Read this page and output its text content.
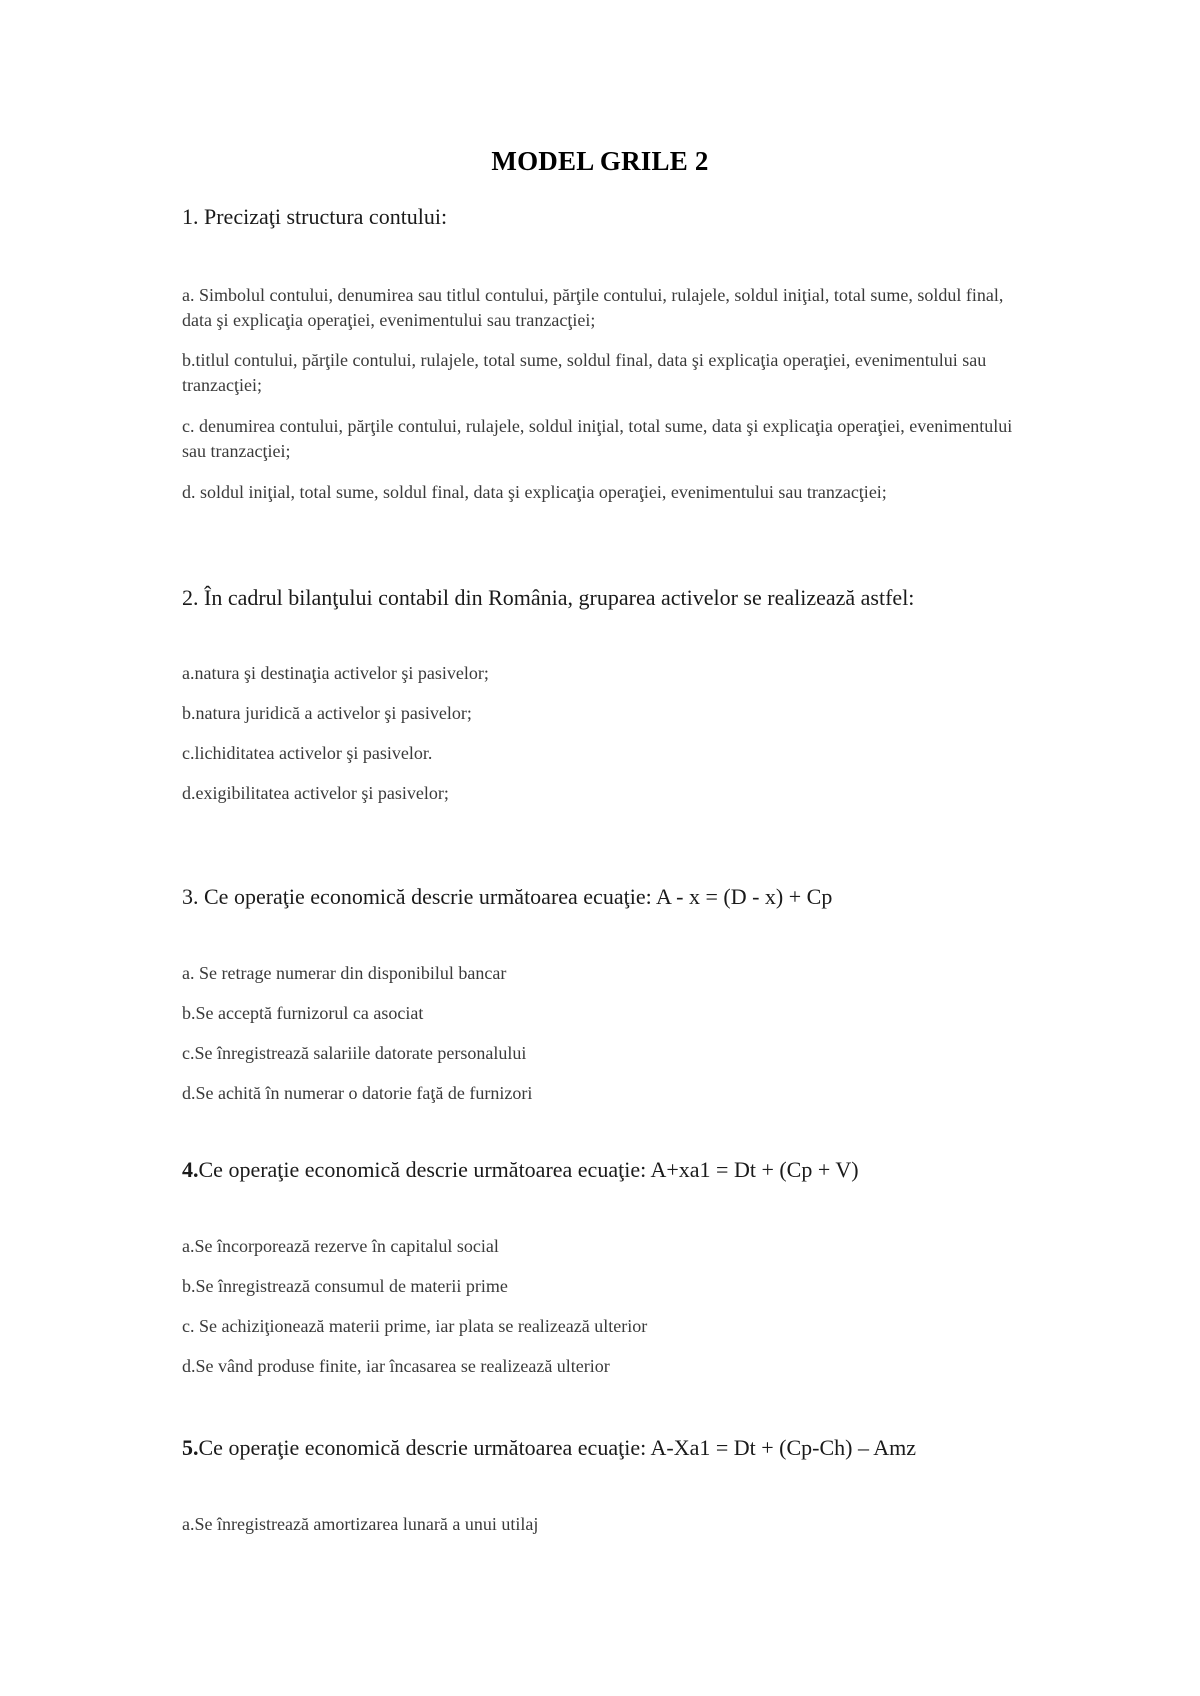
MODEL GRILE 2

1. Precizaţi structura contului:

a. Simbolul contului, denumirea sau titlul contului, părţile contului, rulajele, soldul iniţial, total sume, soldul final, data şi explicaţia operaţiei, evenimentului sau tranzacţiei;

b.titlul contului, părţile contului, rulajele, total sume, soldul final, data şi explicaţia operaţiei, evenimentului sau tranzacţiei;

c. denumirea contului, părţile contului, rulajele, soldul iniţial, total sume, data şi explicaţia operaţiei, evenimentului sau tranzacţiei;

d. soldul iniţial, total sume, soldul final, data şi explicaţia operaţiei, evenimentului sau tranzacţiei;

2. În cadrul bilanţului contabil din România, gruparea activelor se realizează astfel:

a.natura şi destinaţia activelor şi pasivelor;

b.natura juridică a activelor şi pasivelor;

c.lichiditatea activelor şi pasivelor.

d.exigibilitatea activelor şi pasivelor;

3. Ce operaţie economică descrie următoarea ecuaţie: A - x = (D - x) + Cp

a. Se retrage numerar din disponibilul bancar

b.Se acceptă furnizorul ca asociat

c.Se înregistrează salariile datorate personalului

d.Se achită în numerar o datorie faţă de furnizori

4.Ce operaţie economică descrie următoarea ecuaţie: A+xa1 = Dt + (Cp + V)

a.Se încorporează rezerve în capitalul social

b.Se înregistrează consumul de materii prime

c. Se achiziţionează materii prime, iar plata se realizează ulterior

d.Se vând produse finite, iar încasarea se realizează ulterior

5.Ce operaţie economică descrie următoarea ecuaţie: A-Xa1 = Dt + (Cp-Ch) – Amz

a.Se înregistrează amortizarea lunară a unui utilaj
